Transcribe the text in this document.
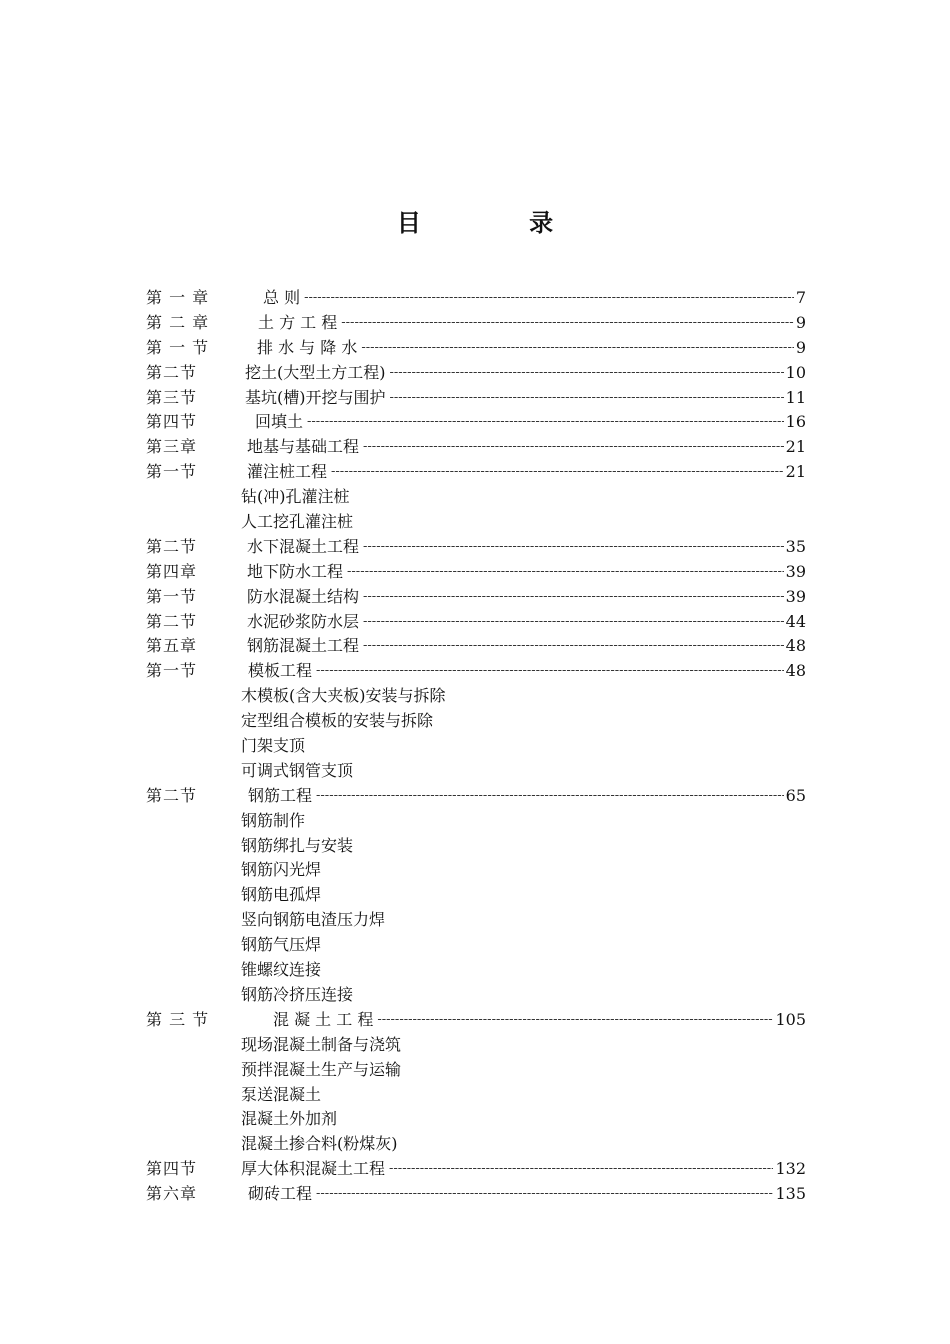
目 录
第 一 章	总 则 -----	7
第 二 章	土 方 工 程 -----	9
第 一 节	排 水 与 降 水 -----	9
第二节	挖土(大型土方工程) -----	10
第三节	基坑(槽)开挖与围护 -----	11
第四节	回填土 -----	16
第三章	地基与基础工程 -----	21
第一节	灌注桩工程 -----	21
钻(冲)孔灌注桩
人工挖孔灌注桩
第二节	水下混凝土工程 -----	35
第四章	地下防水工程 -----	39
第一节	防水混凝土结构 -----	39
第二节	水泥砂浆防水层 -----	44
第五章	钢筋混凝土工程 -----	48
第一节	模板工程 -----	48
木模板(含大夹板)安装与拆除
定型组合模板的安装与拆除
门架支顶
可调式钢管支顶
第二节	钢筋工程 -----	65
钢筋制作
钢筋绑扎与安装
钢筋闪光焊
钢筋电孤焊
竖向钢筋电渣压力焊
钢筋气压焊
锥螺纹连接
钢筋冷挤压连接
第 三 节	混 凝 土 工 程 -----	105
现场混凝土制备与浇筑
预拌混凝土生产与运输
泵送混凝土
混凝土外加剂
混凝土掺合料(粉煤灰)
第四节	厚大体积混凝土工程 -----	132
第六章	砌砖工程 -----	135
